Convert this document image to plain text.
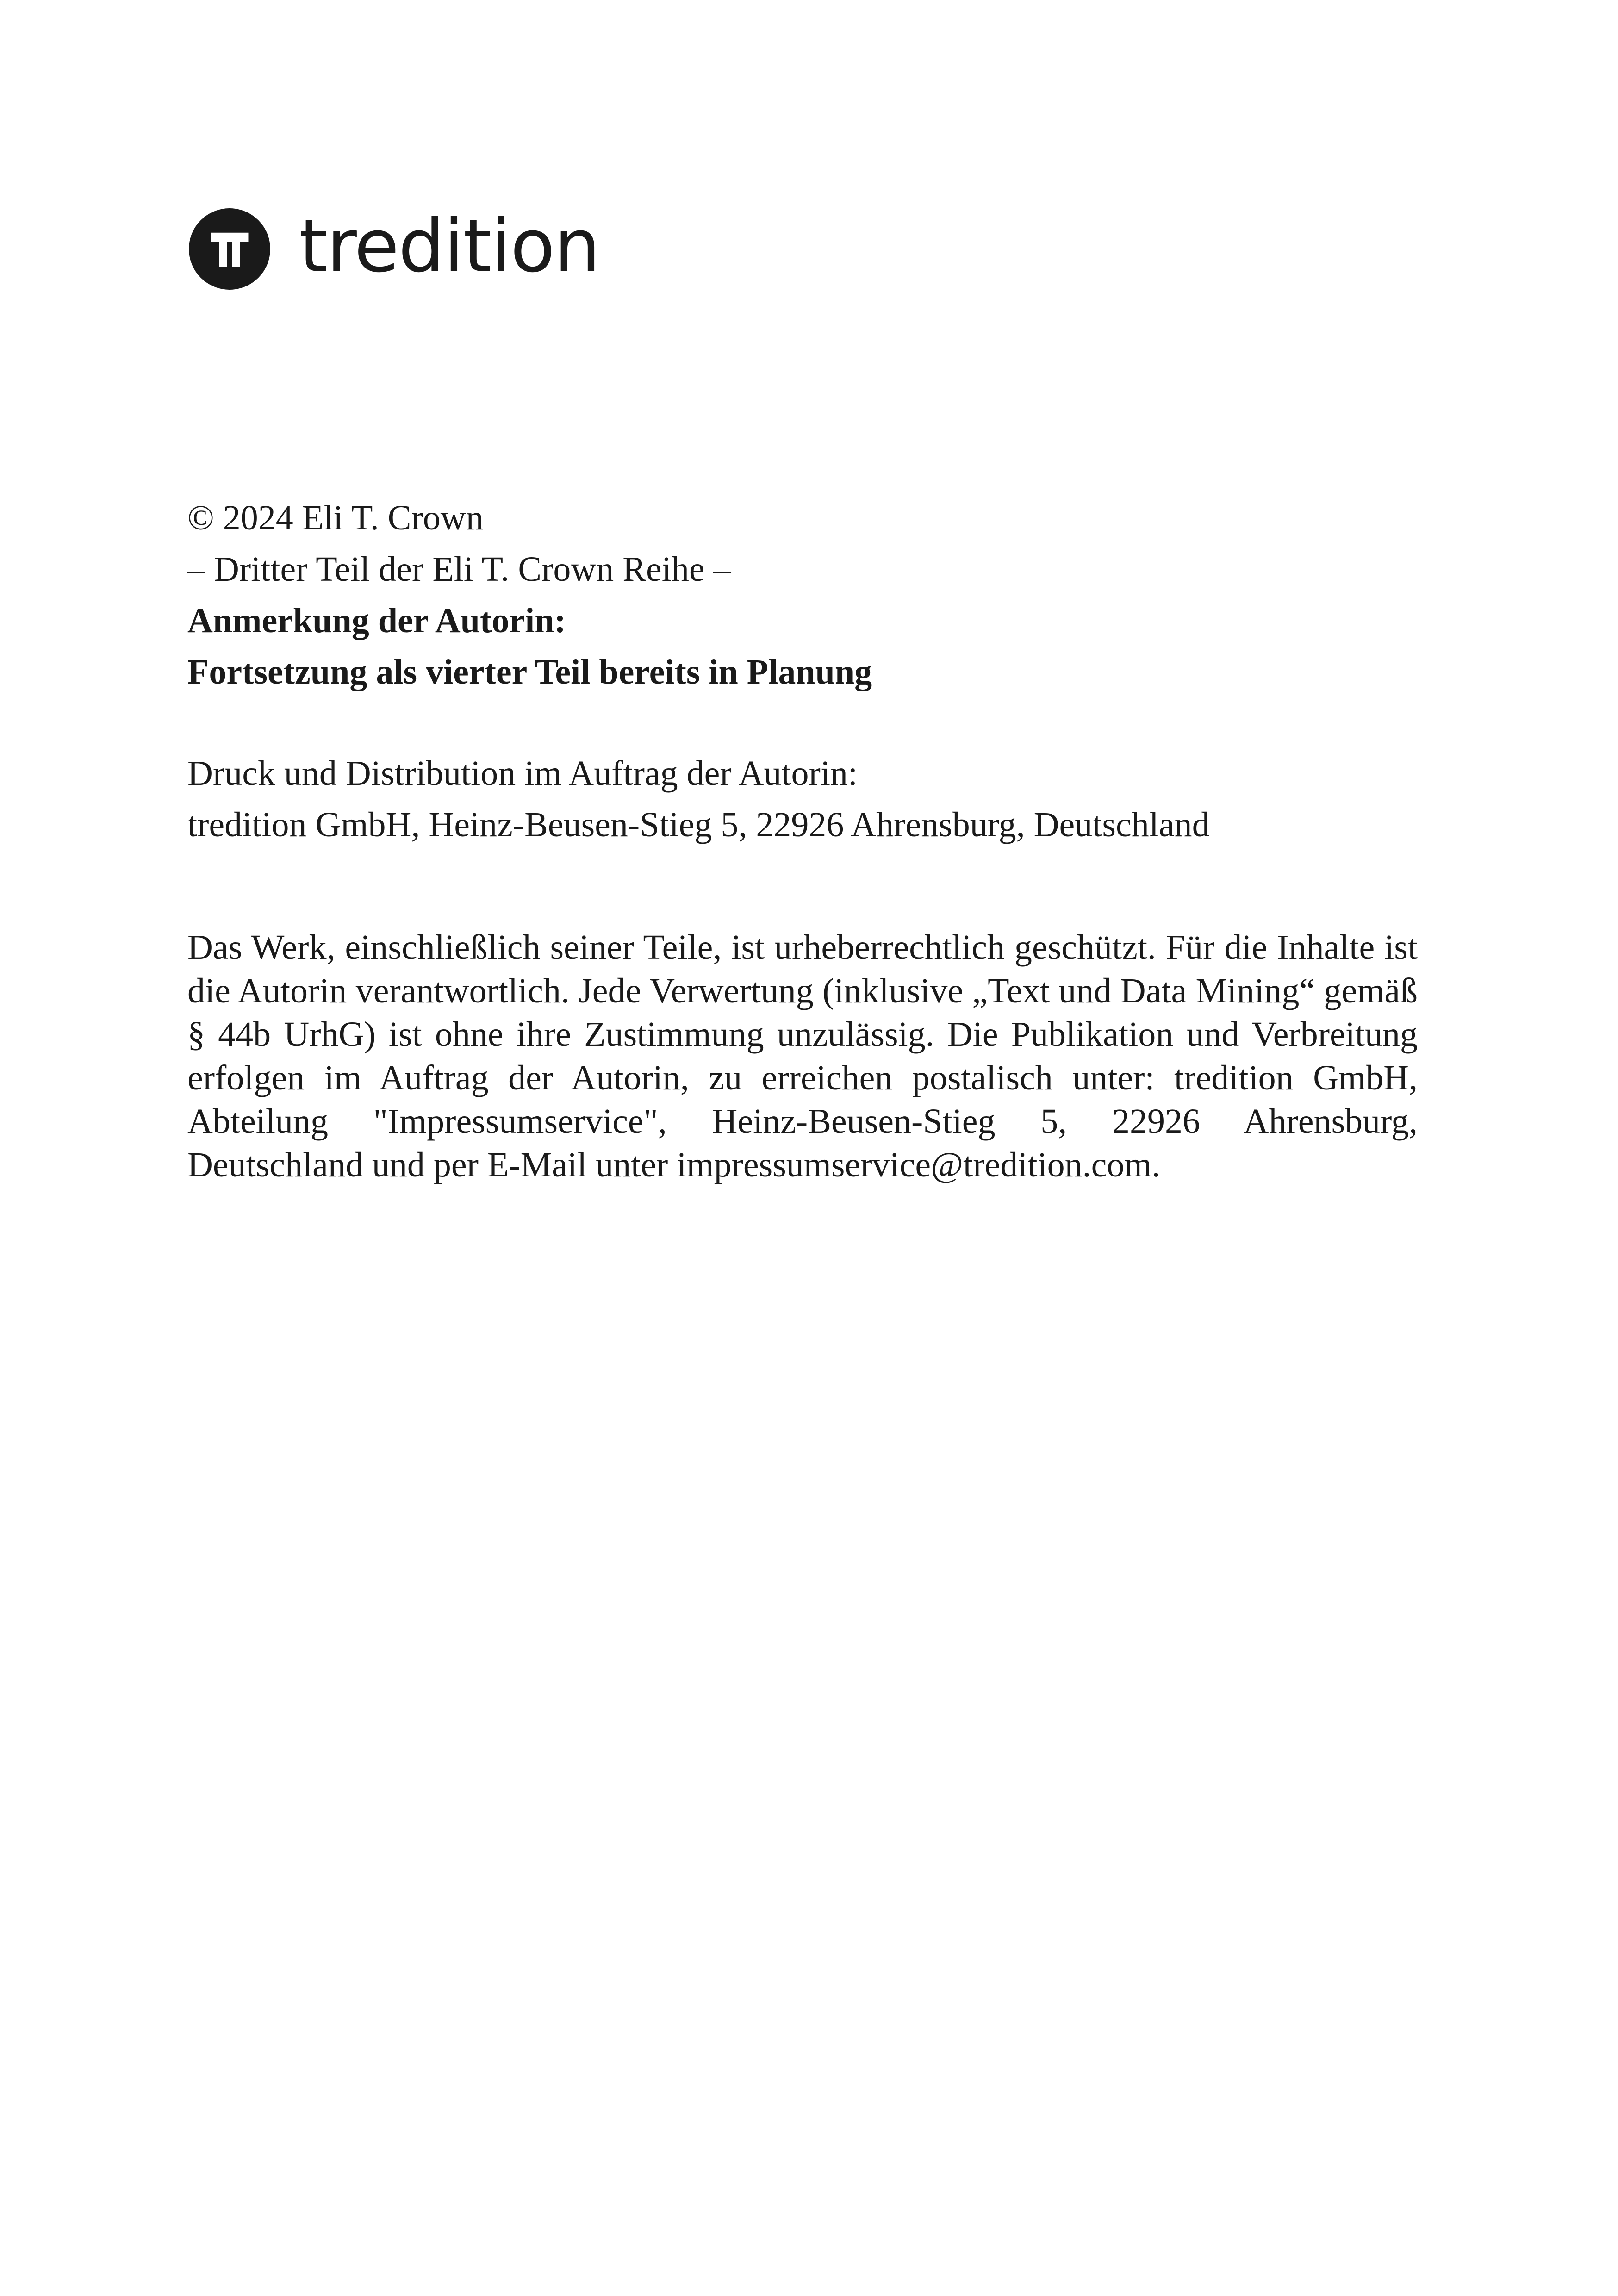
tredition

© 2024 Eli T. Crown

– Dritter Teil der Eli T. Crown Reihe –

Anmerkung der Autorin:

Fortsetzung als vierter Teil bereits in Planung

Druck und Distribution im Auftrag der Autorin:

tredition GmbH, Heinz-Beusen-Stieg 5, 22926 Ahrensburg, Deutschland

Das Werk, einschließlich seiner Teile, ist urheberrechtlich geschützt. Für die Inhalte ist die Autorin verantwortlich. Jede Verwertung (inklusive „Text und Data Mining“ gemäß § 44b UrhG) ist ohne ihre Zustimmung unzulässig. Die Publikation und Verbreitung erfolgen im Auftrag der Autorin, zu erreichen postalisch unter: tredition GmbH, Abteilung "Impressumservice", Heinz-Beusen-Stieg 5, 22926 Ahrensburg, Deutschland und per E-Mail unter impressumservice@tredition.com.
